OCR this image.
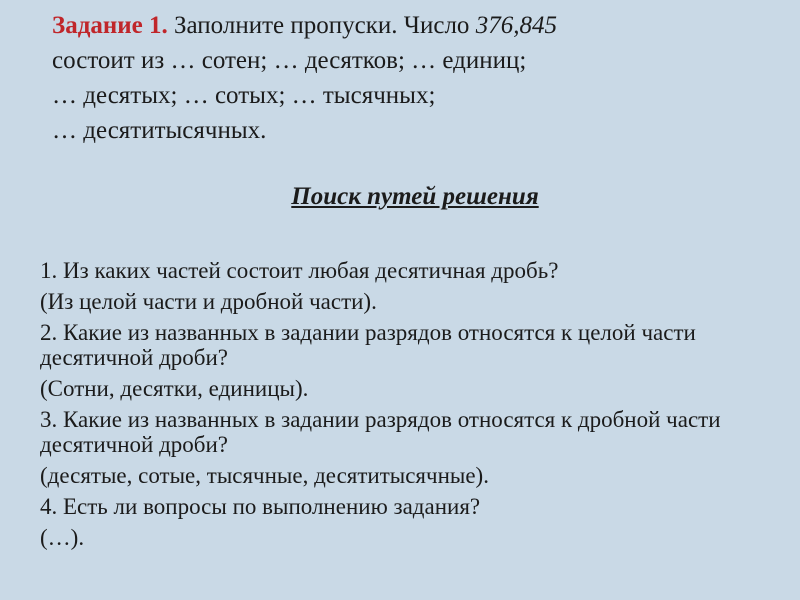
Задание 1. Заполните пропуски. Число 376,845
состоит из … сотен; … десятков; … единиц;
… десятых; … сотых; … тысячных;
… десятитысячных.
Поиск путей решения
1. Из каких частей состоит любая десятичная дробь?
(Из целой части и дробной части).
2. Какие из названных в задании разрядов относятся к целой части десятичной дроби?
(Сотни, десятки, единицы).
3. Какие из названных в задании разрядов относятся к дробной части десятичной дроби?
(десятые, сотые, тысячные, десятитысячные).
4. Есть ли вопросы по выполнению задания?
(…).
